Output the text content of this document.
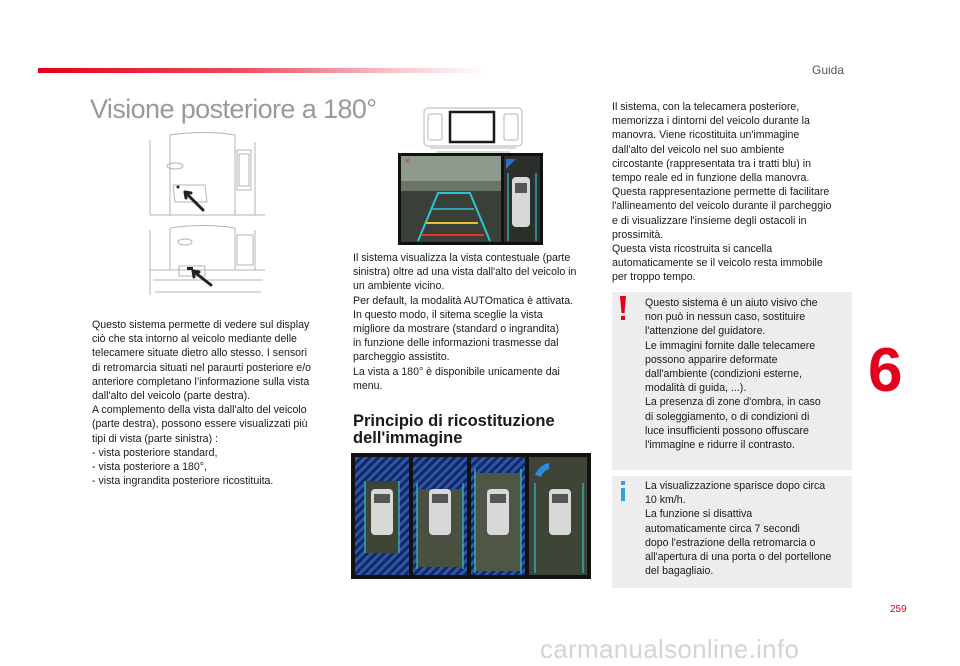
Guida
Visione posteriore a 180°
×
Questo sistema permette di vedere sul display
ciò che sta intorno al veicolo mediante delle
telecamere situate dietro allo stesso. I sensori
di retromarcia situati nel paraurti posteriore e/o
anteriore completano l’informazione sulla vista
dall'alto del veicolo (parte destra).
A complemento della vista dall'alto del veicolo
(parte destra), possono essere visualizzati più
tipi di vista (parte sinistra) :
- vista posteriore standard,
- vista posteriore a 180°,
- vista ingrandita posteriore ricostituita.
Il sistema visualizza la vista contestuale (parte
sinistra) oltre ad una vista dall'alto del veicolo in
un ambiente vicino.
Per default, la modalità AUTOmatica è attivata.
In questo modo, il sitema sceglie la vista
migliore da mostrare (standard o ingrandita)
in funzione delle informazioni trasmesse dal
parcheggio assistito.
La vista a 180° è disponibile unicamente dai
menu.
Principio di ricostituzione
dell'immagine
Il sistema, con la telecamera posteriore,
memorizza i dintorni del veicolo durante la
manovra. Viene ricostituita un'immagine
dall'alto del veicolo nel suo ambiente
circostante (rappresentata tra i tratti blu) in
tempo reale ed in funzione della manovra.
Questa rappresentazione permette di facilitare
l'allineamento del veicolo durante il parcheggio
e di visualizzare l'insieme degli ostacoli in
prossimità.
Questa vista ricostruita si cancella
automaticamente se il veicolo resta immobile
per troppo tempo.
Questo sistema è un aiuto visivo che
non può in nessun caso, sostituire
l'attenzione del guidatore.
Le immagini fornite dalle telecamere
possono apparire deformate
dall'ambiente (condizioni esterne,
modalità di guida, ...).
La presenza di zone d'ombra, in caso
di soleggiamento, o di condizioni di
luce insufficienti possono offuscare
l'immagine e ridurre il contrasto.
La visualizzazione sparisce dopo circa
10 km/h.
La funzione si disattiva
automaticamente circa 7 secondi
dopo l'estrazione della retromarcia o
all'apertura di una porta o del portellone
del bagagliaio.
6
259
carmanualsonline.info
